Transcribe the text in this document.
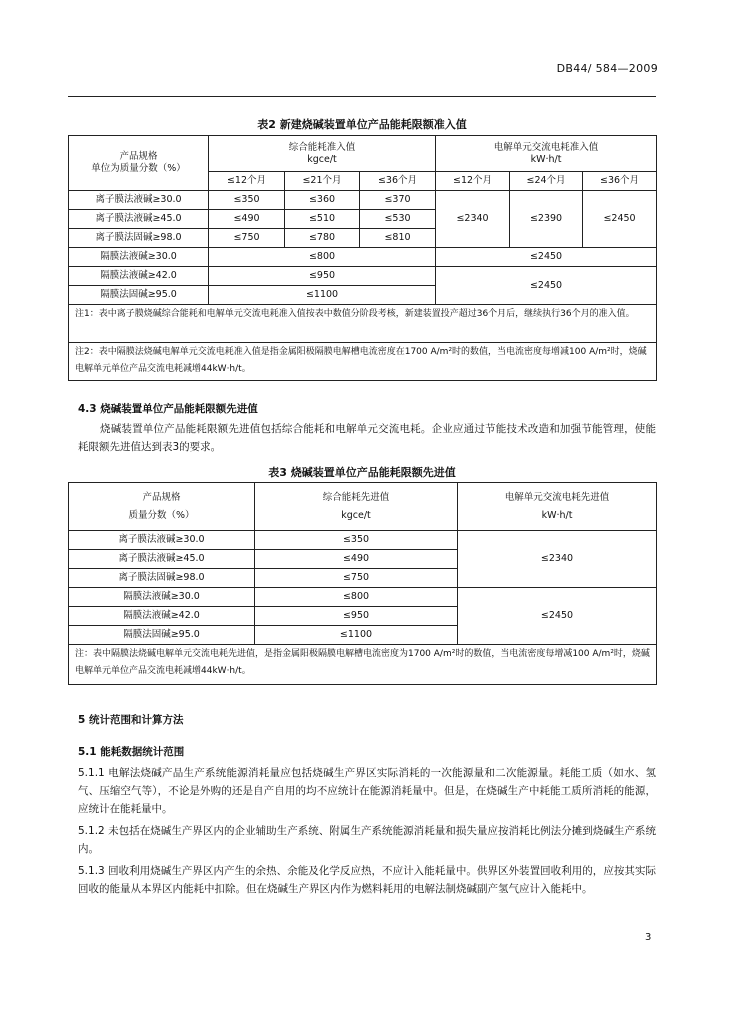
DB44/ 584—2009
表2 新建烧碱装置单位产品能耗限额准入值
产品规格
单位为质量分数（%）	综合能耗准入值
kgce/t			电解单元交流电耗准入值
kW·h/t		

	≤12个月	≤21个月	≤36个月	≤12个月	≤24个月	≤36个月
离子膜法液碱≥30.0	≤350	≤360	≤370	≤2340	≤2390	≤2450
离子膜法液碱≥45.0	≤490	≤510	≤530			
离子膜法固碱≥98.0	≤750	≤780	≤810			
隔膜法液碱≥30.0	≤800			≤2450		
隔膜法液碱≥42.0	≤950			≤2450		
隔膜法固碱≥95.0	≤1100					
注1：表中离子膜烧碱综合能耗和电解单元交流电耗准入值按表中数值分阶段考核，新建装置投产超过36个月后，继续执行36个月的准入值。						
注2：表中隔膜法烧碱电解单元交流电耗准入值是指金属阳极隔膜电解槽电流密度在1700 A/m²时的数值，当电流密度每增减100 A/m²时，烧碱电解单元单位产品交流电耗减增44kW·h/t。						
4.3 烧碱装置单位产品能耗限额先进值
烧碱装置单位产品能耗限额先进值包括综合能耗和电解单元交流电耗。企业应通过节能技术改造和加强节能管理，使能耗限额先进值达到表3的要求。
表3 烧碱装置单位产品能耗限额先进值
产品规格
质量分数（%）	综合能耗先进值
kgce/t	电解单元交流电耗先进值
kW·h/t

离子膜法液碱≥30.0	≤350	≤2340
离子膜法液碱≥45.0	≤490	
离子膜法固碱≥98.0	≤750	
隔膜法液碱≥30.0	≤800	≤2450
隔膜法液碱≥42.0	≤950	
隔膜法固碱≥95.0	≤1100	
注：表中隔膜法烧碱电解单元交流电耗先进值，是指金属阳极隔膜电解槽电流密度为1700 A/m²时的数值，当电流密度每增减100 A/m²时，烧碱电解单元单位产品交流电耗减增44kW·h/t。		
5 统计范围和计算方法
5.1 能耗数据统计范围
5.1.1 电解法烧碱产品生产系统能源消耗量应包括烧碱生产界区实际消耗的一次能源量和二次能源量。耗能工质（如水、氢气、压缩空气等），不论是外购的还是自产自用的均不应统计在能源消耗量中。但是，在烧碱生产中耗能工质所消耗的能源，应统计在能耗量中。
5.1.2 未包括在烧碱生产界区内的企业辅助生产系统、附属生产系统能源消耗量和损失量应按消耗比例法分摊到烧碱生产系统内。
5.1.3 回收利用烧碱生产界区内产生的余热、余能及化学反应热，不应计入能耗量中。供界区外装置回收利用的，应按其实际回收的能量从本界区内能耗中扣除。但在烧碱生产界区内作为燃料耗用的电解法制烧碱副产氢气应计入能耗中。
3
